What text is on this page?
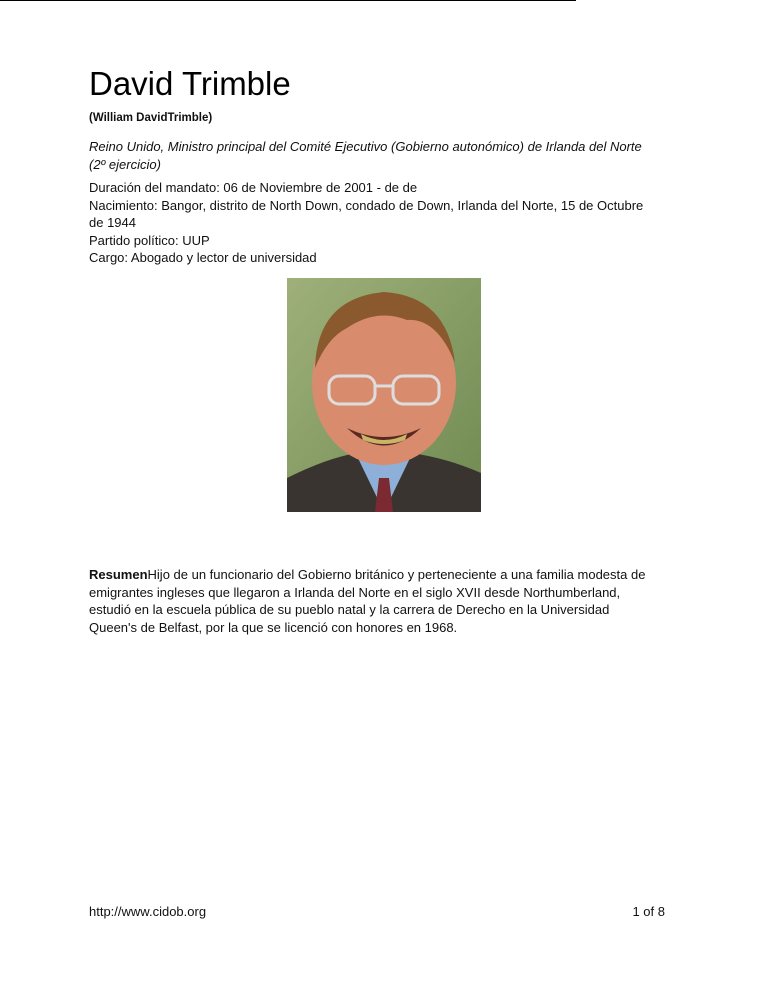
David Trimble
(William DavidTrimble)
Reino Unido, Ministro principal del Comité Ejecutivo (Gobierno autonómico) de Irlanda del Norte
(2º ejercicio)
Duración del mandato: 06 de Noviembre de 2001 - de de
Nacimiento: Bangor, distrito de North Down, condado de Down, Irlanda del Norte, 15 de Octubre
de 1944
Partido político: UUP
Cargo: Abogado y lector de universidad
ResumenHijo de un funcionario del Gobierno británico y perteneciente a una familia modesta de
emigrantes ingleses que llegaron a Irlanda del Norte en el siglo XVII desde Northumberland,
estudió en la escuela pública de su pueblo natal y la carrera de Derecho en la Universidad
Queen's de Belfast, por la que se licenció con honores en 1968.
http://www.cidob.org	1 of 8
